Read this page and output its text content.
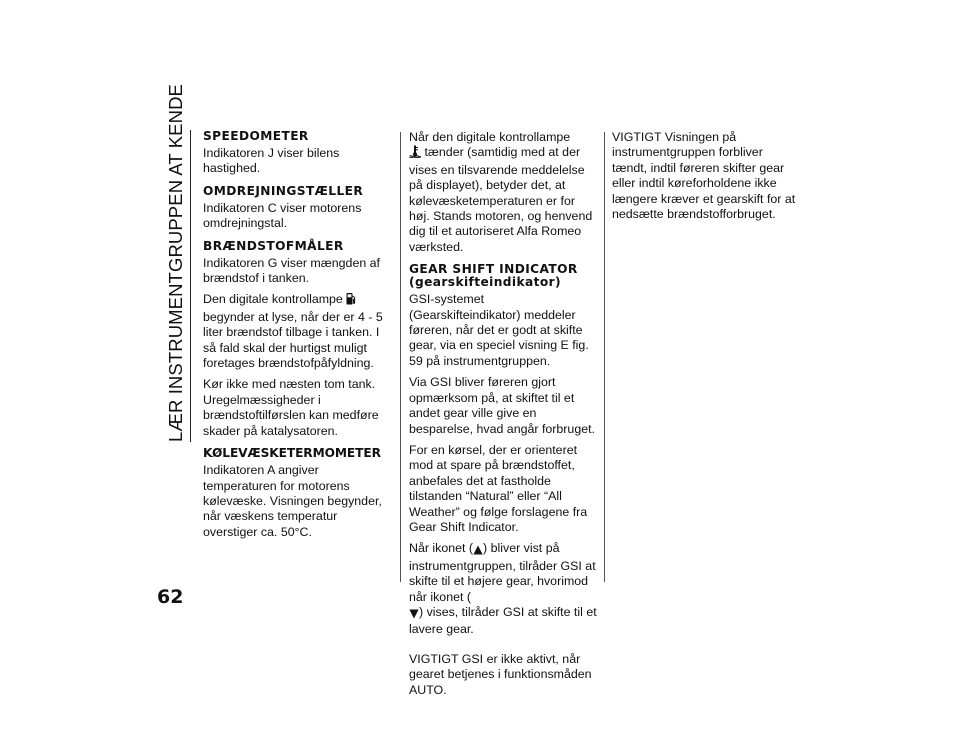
LÆR INSTRUMENTGRUPPEN AT KENDE
62
SPEEDOMETER

Indikatoren J viser bilens hastighed.

OMDREJNINGSTÆLLER

Indikatoren C viser motorens omdrejningstal.

BRÆNDSTOFMÅLER

Indikatoren G viser mængden af brændstof i tanken.

Den digitale kontrollampe  begynder at lyse, når der er 4 - 5 liter brændstof tilbage i tanken. I så fald skal der hurtigst muligt foretages brændstofpåfyldning.

Kør ikke med næsten tom tank. Uregelmæssigheder i brændstoftilførslen kan medføre skader på katalysatoren.

KØLEVÆSKETERMOMETER

Indikatoren A angiver temperaturen for motorens kølevæske. Visningen begynder, når væskens temperatur overstiger ca. 50°C.

Når den digitale kontrollampe
tænder (samtidig med at der vises en tilsvarende meddelelse på displayet), betyder det, at kølevæsketemperaturen er for høj. Stands motoren, og henvend dig til et autoriseret Alfa Romeo værksted.

GEAR SHIFT INDICATOR
(gearskifteindikator)

GSI-systemet (Gearskifteindikator) meddeler føreren, når det er godt at skifte gear, via en speciel visning E fig. 59 på instrumentgruppen.

Via GSI bliver føreren gjort opmærksom på, at skiftet til et andet gear ville give en besparelse, hvad angår forbruget.

For en kørsel, der er orienteret mod at spare på brændstoffet, anbefales det at fastholde tilstanden “Natural” eller “All Weather” og følge forslagene fra Gear Shift Indicator.

Når ikonet ( ) bliver vist på instrumentgruppen, tilråder GSI at skifte til et højere gear, hvorimod når ikonet (
) vises, tilråder GSI at skifte til et lavere gear.

VIGTIGT GSI er ikke aktivt, når gearet betjenes i funktionsmåden AUTO.

VIGTIGT Visningen på instrumentgruppen forbliver tændt, indtil føreren skifter gear eller indtil køreforholdene ikke længere kræver et gearskift for at nedsætte brændstofforbruget.
